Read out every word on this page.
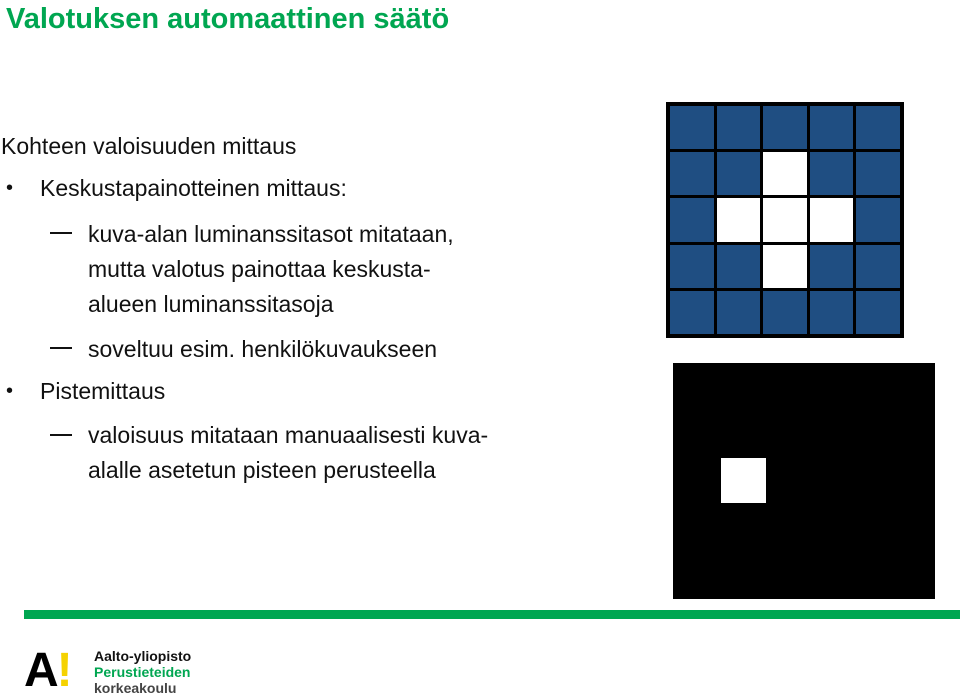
Valotuksen automaattinen säätö
Kohteen valoisuuden mittaus
• Keskustapainotteinen mittaus:
kuva-alan luminanssitasot mitataan,
mutta valotus painottaa keskusta-
alueen luminanssitasoja
soveltuu esim. henkilökuvaukseen
• Pistemittaus
valoisuus mitataan manuaalisesti kuva-
alalle asetetun pisteen perusteella
A! Aalto-yliopisto
Perustieteiden
korkeakoulu
